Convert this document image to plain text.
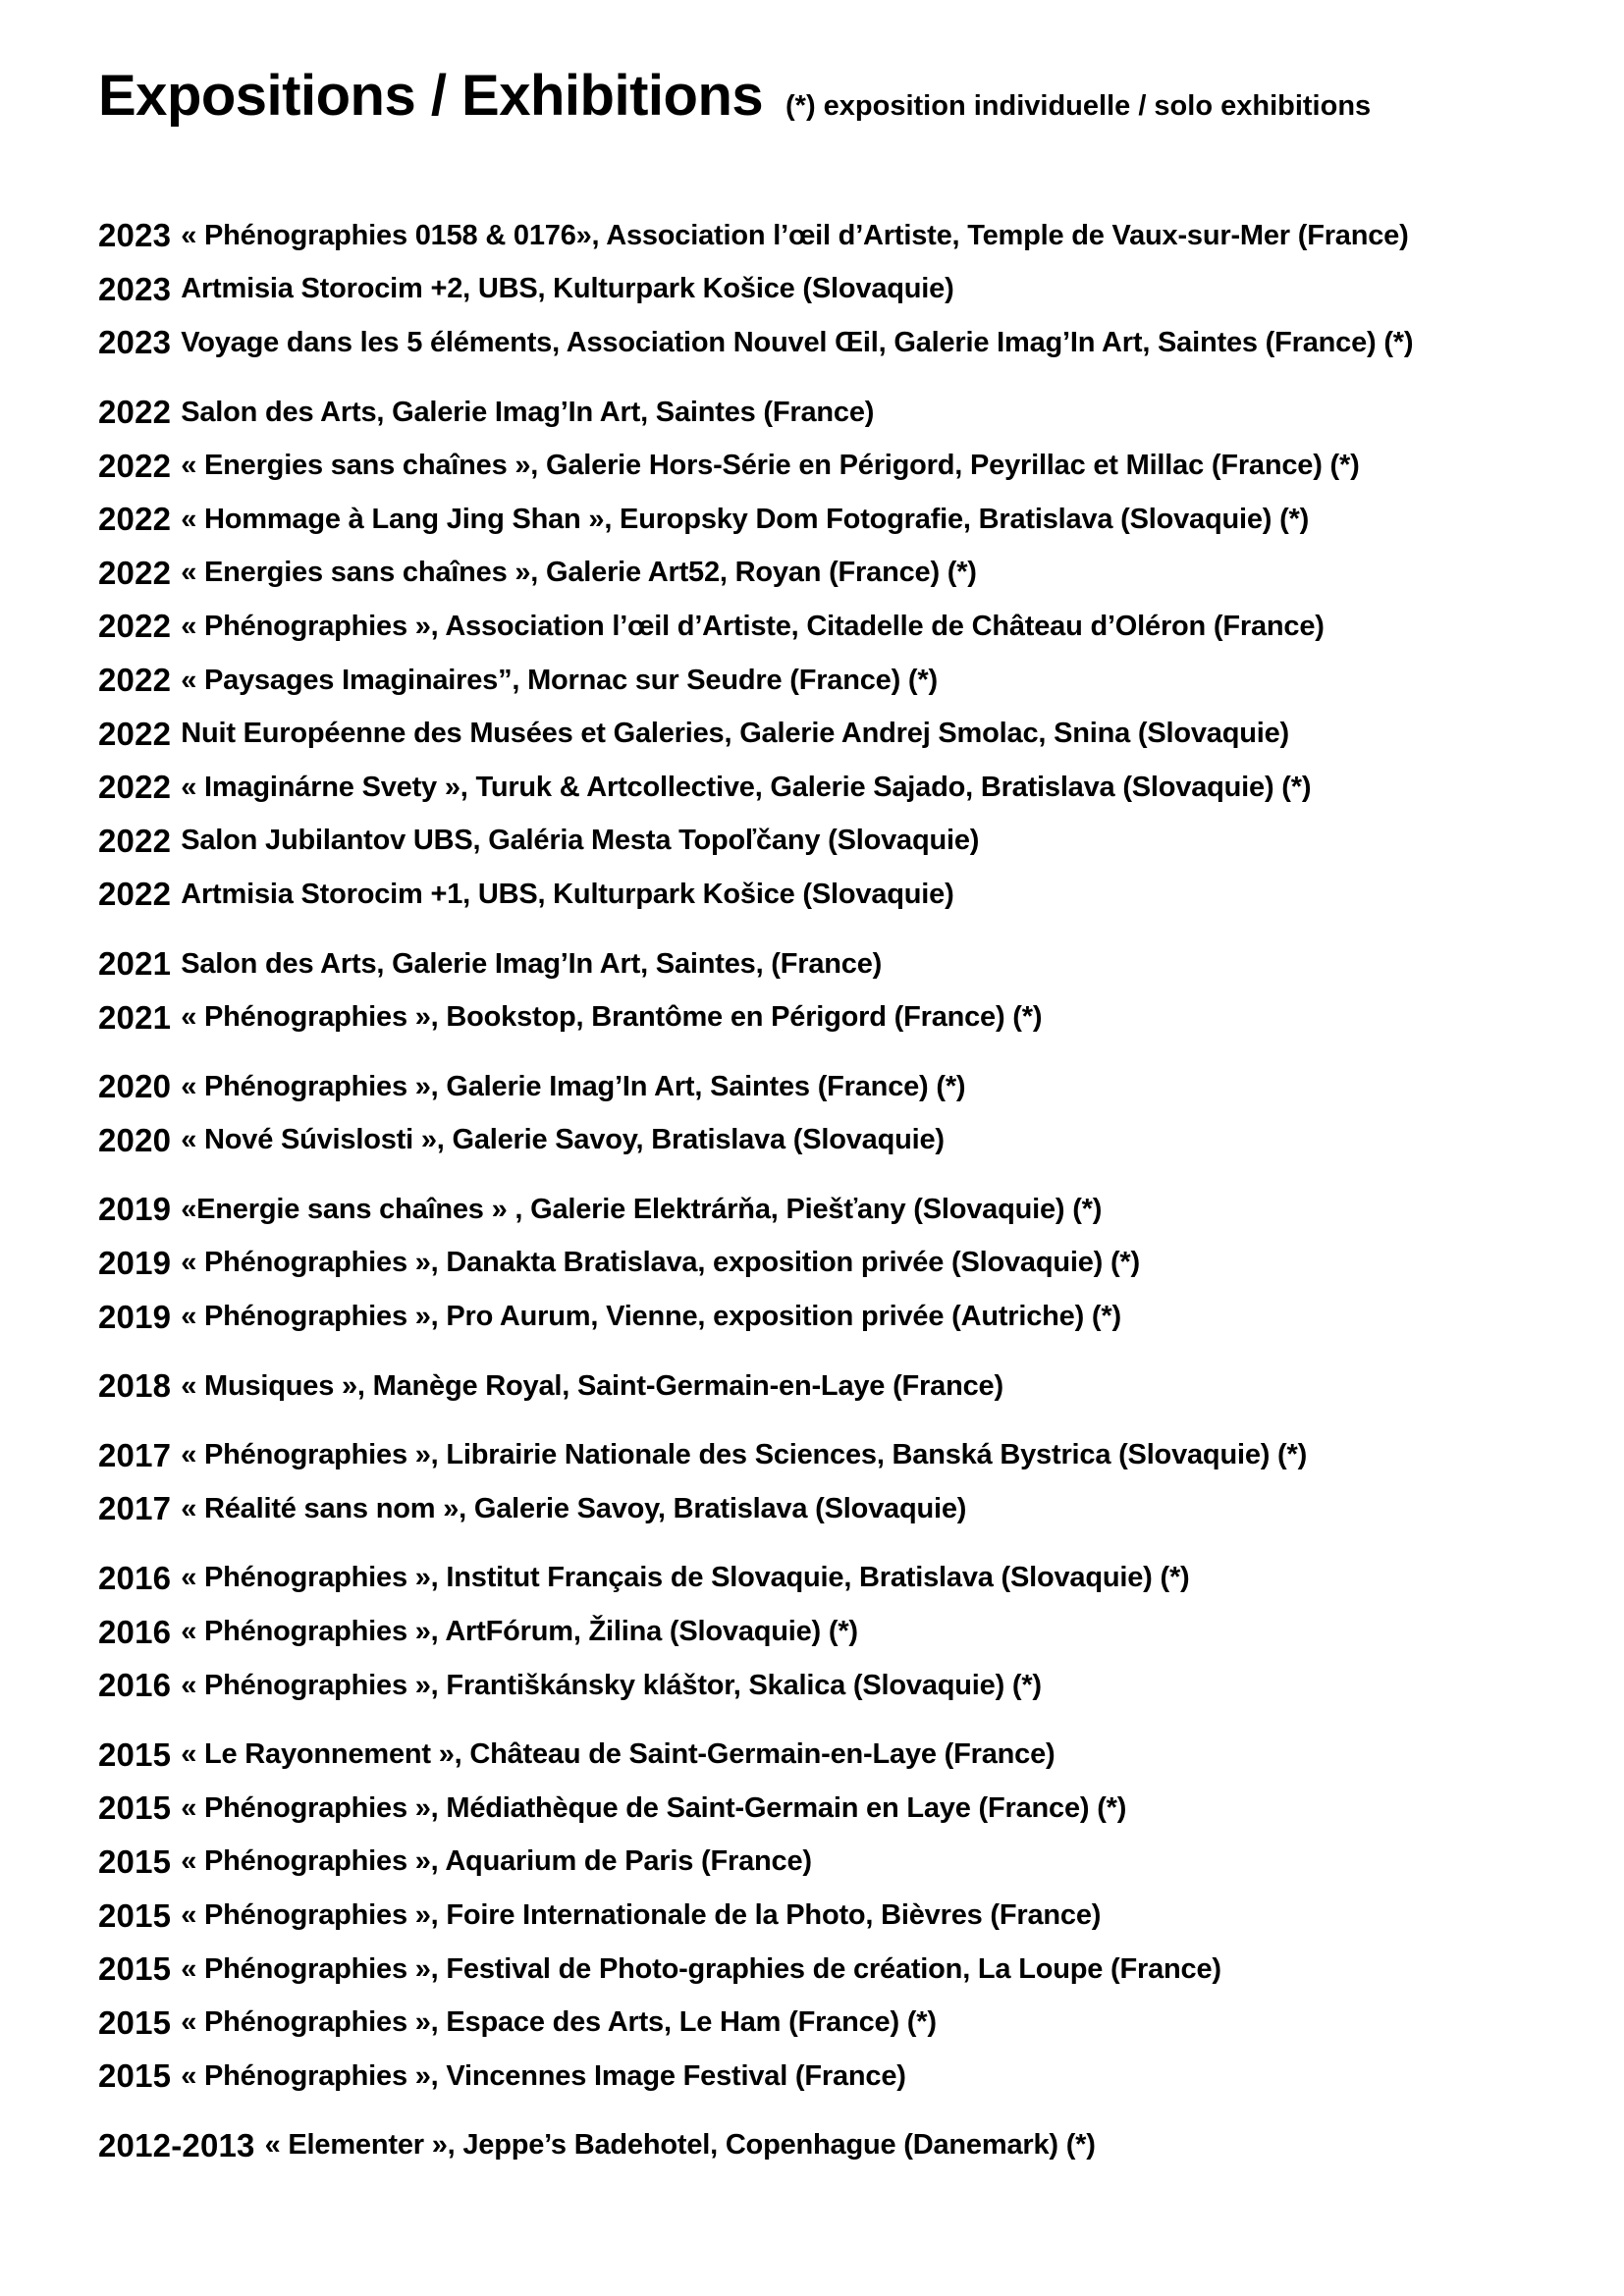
Expositions / Exhibitions (*) exposition individuelle / solo exhibitions
2023 « Phénographies 0158 & 0176», Association l’œil d’Artiste, Temple de Vaux-sur-Mer (France)
2023 Artmisia Storocim +2, UBS, Kulturpark Košice (Slovaquie)
2023 Voyage dans les 5 éléments, Association Nouvel Œil, Galerie Imag’In Art, Saintes (France) (*)
2022 Salon des Arts, Galerie Imag’In Art, Saintes (France)
2022 « Energies sans chaînes », Galerie Hors-Série en Périgord, Peyrillac et Millac (France) (*)
2022 « Hommage à Lang Jing Shan », Europsky Dom Fotografie, Bratislava (Slovaquie) (*)
2022 « Energies sans chaînes », Galerie Art52, Royan (France) (*)
2022 « Phénographies », Association l’œil d’Artiste, Citadelle de Château d’Oléron (France)
2022 « Paysages Imaginaires”, Mornac sur Seudre (France) (*)
2022 Nuit Européenne des Musées et Galeries, Galerie Andrej Smolac, Snina (Slovaquie)
2022 « Imaginárne Svety », Turuk & Artcollective, Galerie Sajado, Bratislava (Slovaquie) (*)
2022 Salon Jubilantov UBS, Galéria Mesta Topoľčany (Slovaquie)
2022 Artmisia Storocim +1, UBS, Kulturpark Košice (Slovaquie)
2021 Salon des Arts, Galerie Imag’In Art, Saintes, (France)
2021 « Phénographies », Bookstop, Brantôme en Périgord (France) (*)
2020 « Phénographies », Galerie Imag’In Art, Saintes (France) (*)
2020 « Nové Súvislosti », Galerie Savoy, Bratislava (Slovaquie)
2019 «Energie sans chaînes » , Galerie Elektrárňa, Piešťany (Slovaquie) (*)
2019 « Phénographies », Danakta Bratislava, exposition privée (Slovaquie) (*)
2019 « Phénographies », Pro Aurum, Vienne, exposition privée (Autriche) (*)
2018 « Musiques », Manège Royal, Saint-Germain-en-Laye (France)
2017 « Phénographies », Librairie Nationale des Sciences, Banská Bystrica (Slovaquie) (*)
2017 « Réalité sans nom », Galerie Savoy, Bratislava (Slovaquie)
2016 « Phénographies », Institut Français de Slovaquie, Bratislava (Slovaquie) (*)
2016 « Phénographies », ArtFórum, Žilina (Slovaquie) (*)
2016 « Phénographies », Františkánsky kláštor, Skalica (Slovaquie) (*)
2015 « Le Rayonnement », Château de Saint-Germain-en-Laye (France)
2015 « Phénographies », Médiathèque de Saint-Germain en Laye (France) (*)
2015 « Phénographies », Aquarium de Paris (France)
2015 « Phénographies », Foire Internationale de la Photo, Bièvres (France)
2015 « Phénographies », Festival de Photo-graphies de création, La Loupe (France)
2015 « Phénographies », Espace des Arts, Le Ham (France) (*)
2015 « Phénographies », Vincennes Image Festival (France)
2012-2013 « Elementer », Jeppe’s Badehotel, Copenhague (Danemark) (*)
